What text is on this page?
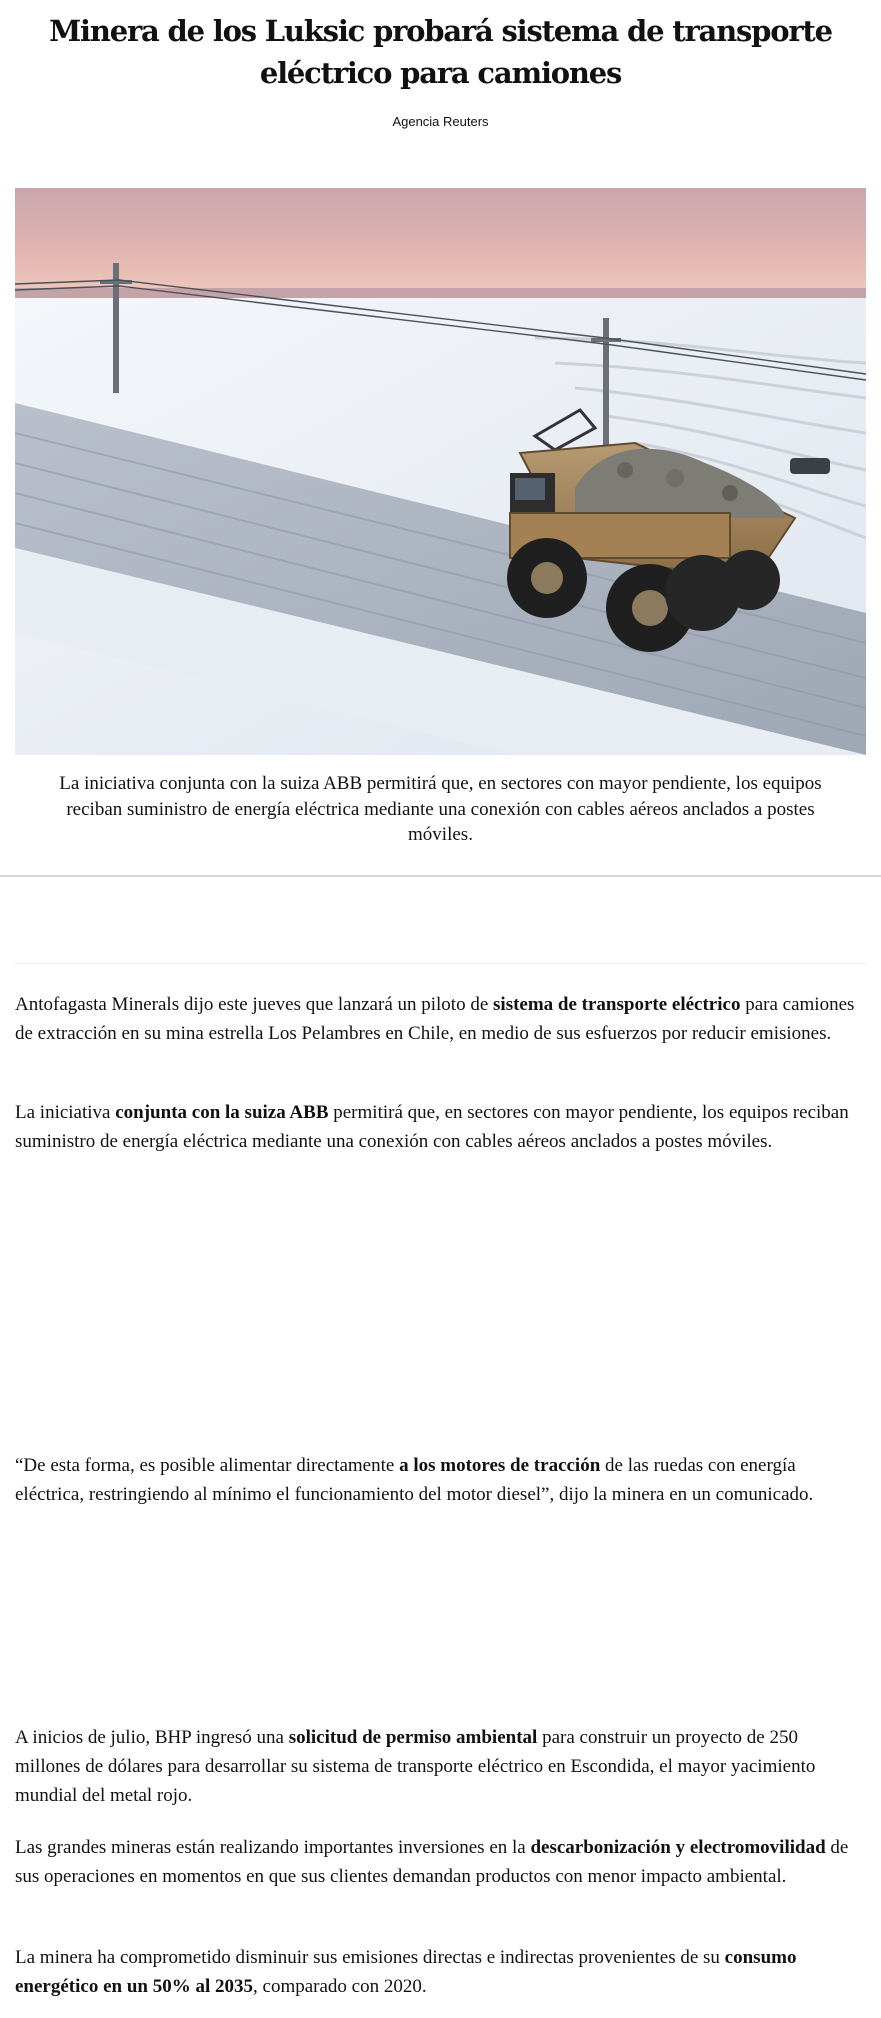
Minera de los Luksic probará sistema de transporte eléctrico para camiones
Agencia Reuters
La iniciativa conjunta con la suiza ABB permitirá que, en sectores con mayor pendiente, los equipos reciban suministro de energía eléctrica mediante una conexión con cables aéreos anclados a postes móviles.

Antofagasta Minerals dijo este jueves que lanzará un piloto de sistema de transporte eléctrico para camiones de extracción en su mina estrella Los Pelambres en Chile, en medio de sus esfuerzos por reducir emisiones.

La iniciativa conjunta con la suiza ABB permitirá que, en sectores con mayor pendiente, los equipos reciban suministro de energía eléctrica mediante una conexión con cables aéreos anclados a postes móviles.

“De esta forma, es posible alimentar directamente a los motores de tracción de las ruedas con energía eléctrica, restringiendo al mínimo el funcionamiento del motor diesel”, dijo la minera en un comunicado.

A inicios de julio, BHP ingresó una solicitud de permiso ambiental para construir un proyecto de 250 millones de dólares para desarrollar su sistema de transporte eléctrico en Escondida, el mayor yacimiento mundial del metal rojo.

Las grandes mineras están realizando importantes inversiones en la descarbonización y electromovilidad de sus operaciones en momentos en que sus clientes demandan productos con menor impacto ambiental.

La minera ha comprometido disminuir sus emisiones directas e indirectas provenientes de su consumo energético en un 50% al 2035, comparado con 2020.
